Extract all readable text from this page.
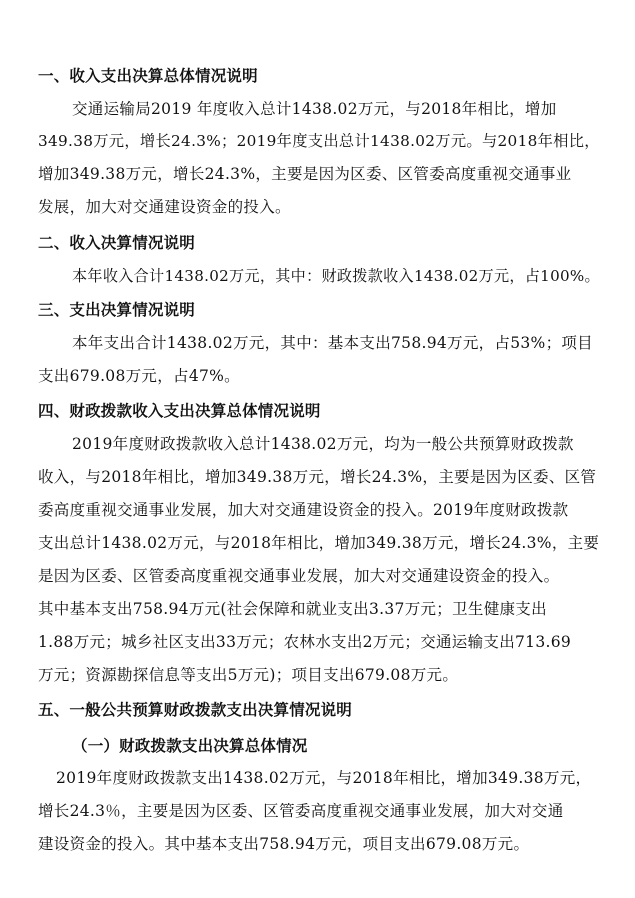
一、收入支出决算总体情况说明
交通运输局2019 年度收入总计1438.02万元，与2018年相比，增加
349.38万元，增长24.3%；2019年度支出总计1438.02万元。与2018年相比，
增加349.38万元，增长24.3%，主要是因为区委、区管委高度重视交通事业
发展，加大对交通建设资金的投入。
二、收入决算情况说明
本年收入合计1438.02万元，其中：财政拨款收入1438.02万元，占100%。
三、支出决算情况说明
本年支出合计1438.02万元，其中：基本支出758.94万元，占53%；项目
支出679.08万元，占47%。
四、财政拨款收入支出决算总体情况说明
2019年度财政拨款收入总计1438.02万元，均为一般公共预算财政拨款
收入，与2018年相比，增加349.38万元，增长24.3%，主要是因为区委、区管
委高度重视交通事业发展，加大对交通建设资金的投入。2019年度财政拨款
支出总计1438.02万元，与2018年相比，增加349.38万元，增长24.3%，主要
是因为区委、区管委高度重视交通事业发展，加大对交通建设资金的投入。
其中基本支出758.94万元(社会保障和就业支出3.37万元；卫生健康支出
1.88万元；城乡社区支出33万元；农林水支出2万元；交通运输支出713.69
万元；资源勘探信息等支出5万元)；项目支出679.08万元。
五、一般公共预算财政拨款支出决算情况说明
（一）财政拨款支出决算总体情况
2019年度财政拨款支出1438.02万元，与2018年相比，增加349.38万元，
增长24.3％，主要是因为区委、区管委高度重视交通事业发展，加大对交通
建设资金的投入。其中基本支出758.94万元，项目支出679.08万元。
